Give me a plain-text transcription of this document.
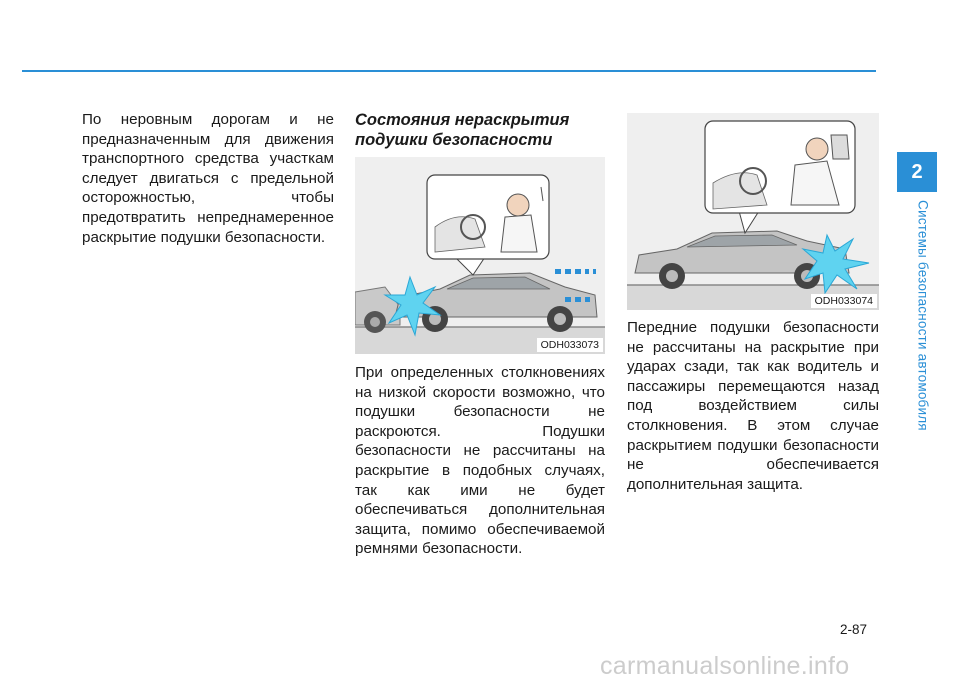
По неровным дорогам и не предназначенным для движения транспортного средства участкам следует двигаться с предельной осторожностью, чтобы предотвратить непреднамеренное раскрытие подушки безопасности.
Состояния нераскрытия
подушки безопасности
ODH033073
При определенных столкновениях на низкой скорости возможно, что подушки безопасности не раскроются. Подушки безопасности не рассчитаны на раскрытие в подобных случаях, так как ими не будет обеспечиваться дополнительная защита, помимо обеспечиваемой ремнями безопасности.
ODH033074
Передние подушки безопасности не рассчитаны на раскрытие при ударах сзади, так как водитель и пассажиры перемещаются назад под воздействием силы столкновения. В этом случае раскрытием подушки безопасности не обеспечивается дополнительная защита.
2
Системы безопасности автомобиля
2-87
carmanualsonline.info
